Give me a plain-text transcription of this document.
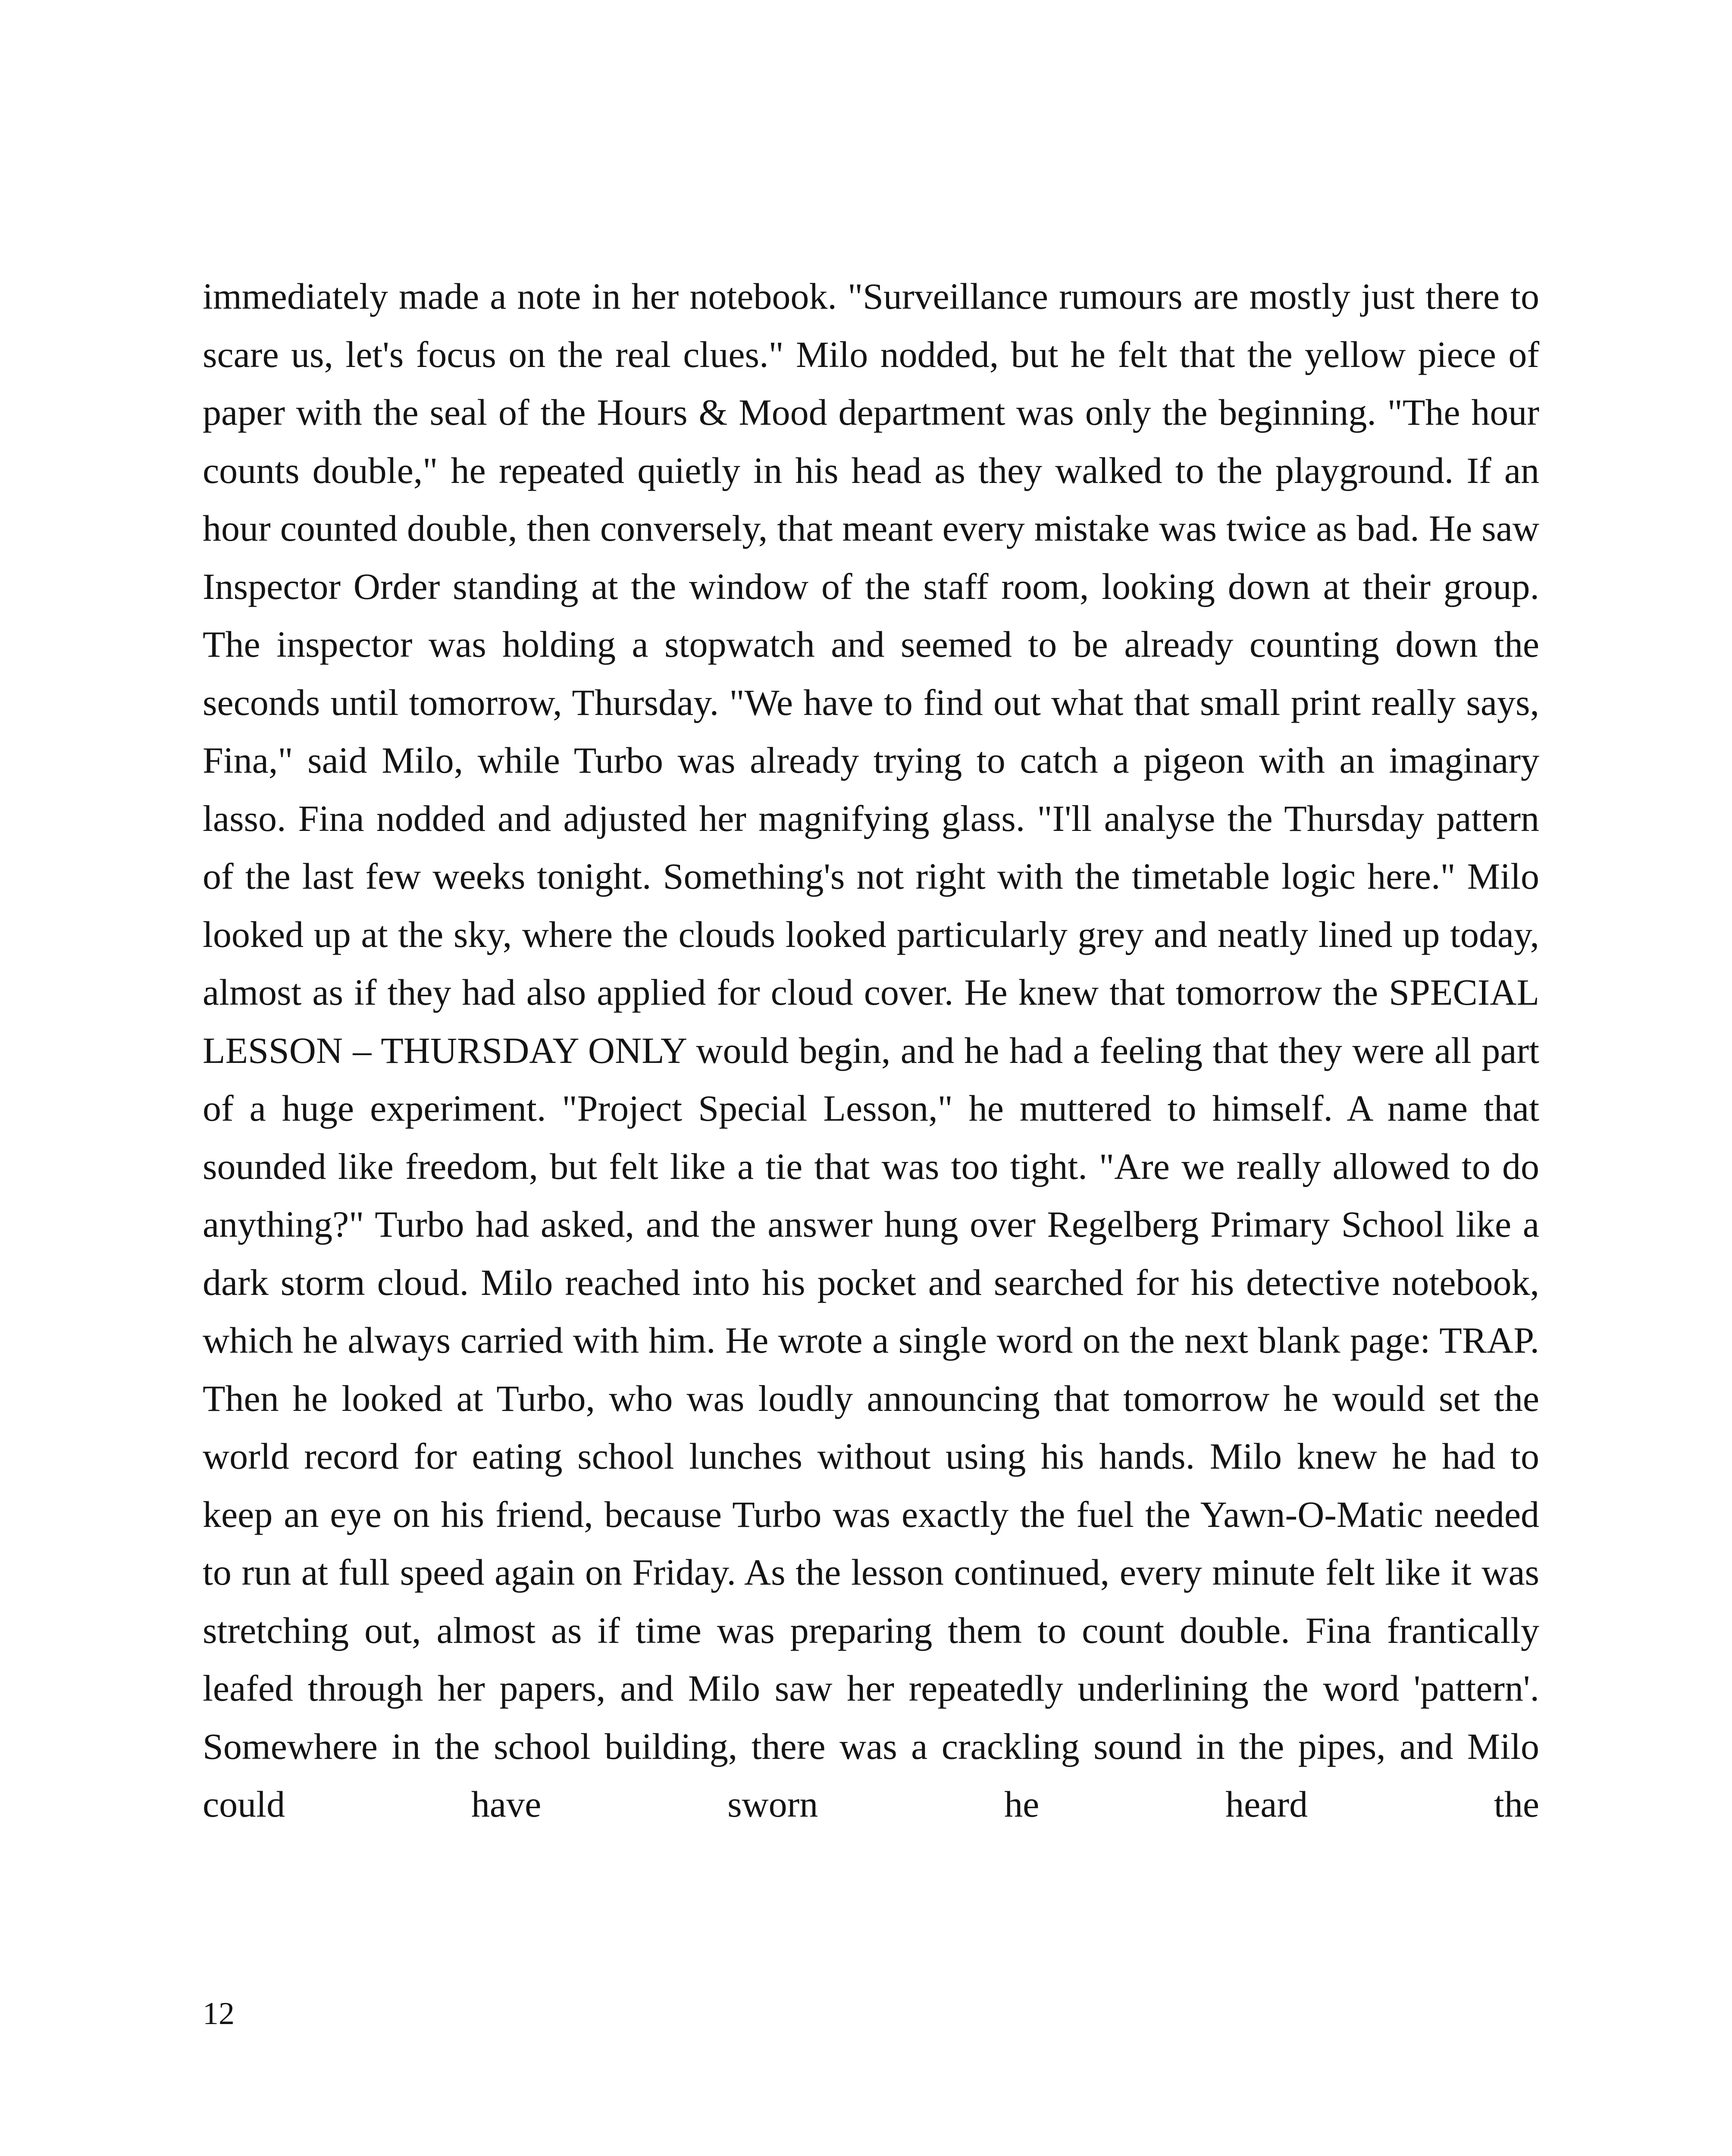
immediately made a note in her notebook. "Surveillance rumours are mostly just there to scare us, let's focus on the real clues." Milo nodded, but he felt that the yellow piece of paper with the seal of the Hours & Mood department was only the beginning. "The hour counts double," he repeated quietly in his head as they walked to the playground. If an hour counted double, then conversely, that meant every mistake was twice as bad. He saw Inspector Order standing at the window of the staff room, looking down at their group. The inspector was holding a stopwatch and seemed to be already counting down the seconds until tomorrow, Thursday. "We have to find out what that small print really says, Fina," said Milo, while Turbo was already trying to catch a pigeon with an imaginary lasso. Fina nodded and adjusted her magnifying glass. "I'll analyse the Thursday pattern of the last few weeks tonight. Something's not right with the timetable logic here." Milo looked up at the sky, where the clouds looked particularly grey and neatly lined up today, almost as if they had also applied for cloud cover. He knew that tomorrow the SPECIAL LESSON – THURSDAY ONLY would begin, and he had a feeling that they were all part of a huge experiment. "Project Special Lesson," he muttered to himself. A name that sounded like freedom, but felt like a tie that was too tight. "Are we really allowed to do anything?" Turbo had asked, and the answer hung over Regelberg Primary School like a dark storm cloud. Milo reached into his pocket and searched for his detective notebook, which he always carried with him. He wrote a single word on the next blank page: TRAP. Then he looked at Turbo, who was loudly announcing that tomorrow he would set the world record for eating school lunches without using his hands. Milo knew he had to keep an eye on his friend, because Turbo was exactly the fuel the Yawn-O-Matic needed to run at full speed again on Friday. As the lesson continued, every minute felt like it was stretching out, almost as if time was preparing them to count double. Fina frantically leafed through her papers, and Milo saw her repeatedly underlining the word 'pattern'. Somewhere in the school building, there was a crackling sound in the pipes, and Milo could have sworn he heard the

12
